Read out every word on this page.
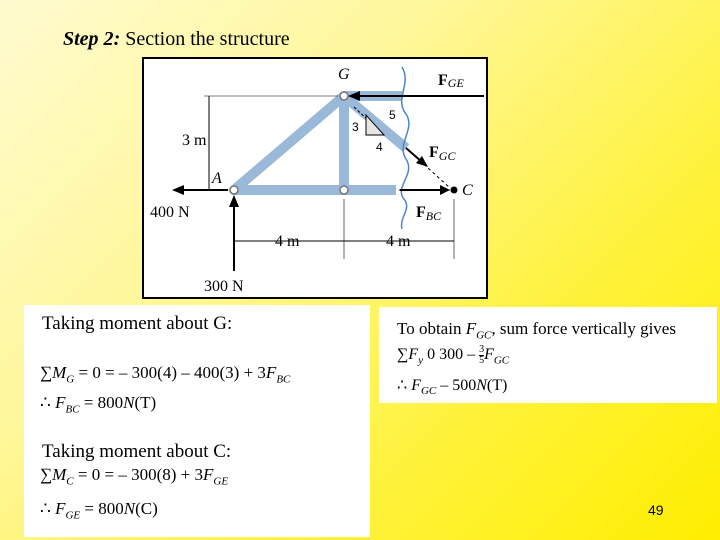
Step 2: Section the structure
G
A
C
FGE
FGC
FBC
3 m
4 m	4 m
400 N
300 N
5
3
4
Taking moment about G:
$\sum M_G = 0$ = – $300(4) - 400(3) + 3F_{BC}$
∴ $F_{BC} = 800N(T)$
Taking moment about C:
$\sum M_C = 0$ = – $300(8) + 3F_{GE}$
∴ $F_{GE} = 800N(C)$
To obtain $F_{GC}$, sum force vertically gives
$\sum F_y$ 0 $300 - \frac{3}{5} F_{GC}$
∴ $F_{GC} - 500N(T)$
49
